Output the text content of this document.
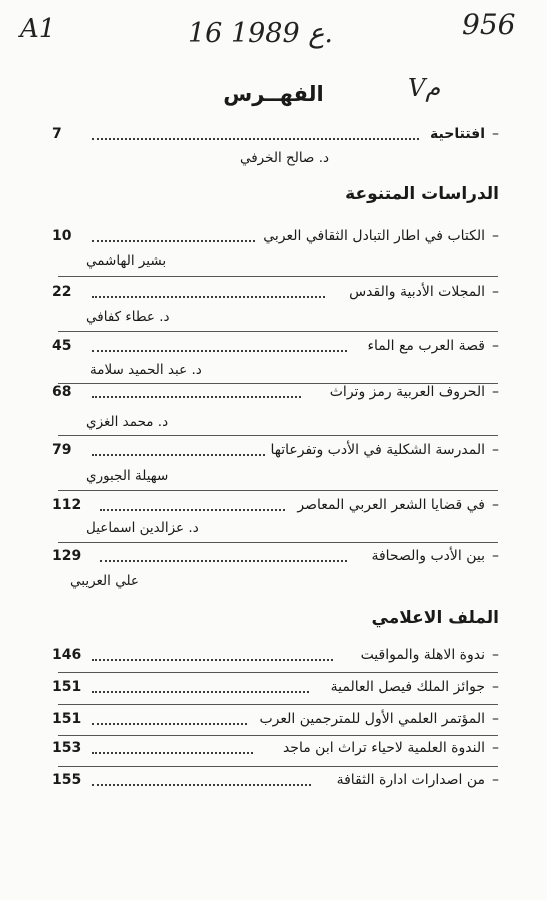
A1	16 ع 1989.	956
Vم
الفهــرس
–
افتتاحية
7
د. صالح الخرفي
الدراسات المتنوعة
–
الكتاب في اطار التبادل الثقافي العربي
10
بشير الهاشمي
–
المجلات الأدبية والقدس
22
د. عطاء كفافي
–
قصة العرب مع الماء
45
د. عبد الحميد سلامة
–
الحروف العربية رمز وتراث
68
د. محمد الغزي
–
المدرسة الشكلية في الأدب وتفرعاتها
79
سهيلة الجبوري
–
في قضايا الشعر العربي المعاصر
112
د. عزالدين اسماعيل
–
بين الأدب والصحافة
129
علي العريبي
الملف الاعلامي
–
ندوة الاهلة والمواقيت
146
–
جوائز الملك فيصل العالمية
151
–
المؤتمر العلمي الأول للمترجمين العرب
151
–
الندوة العلمية لاحياء تراث ابن ماجد
153
–
من اصدارات ادارة الثقافة
155
